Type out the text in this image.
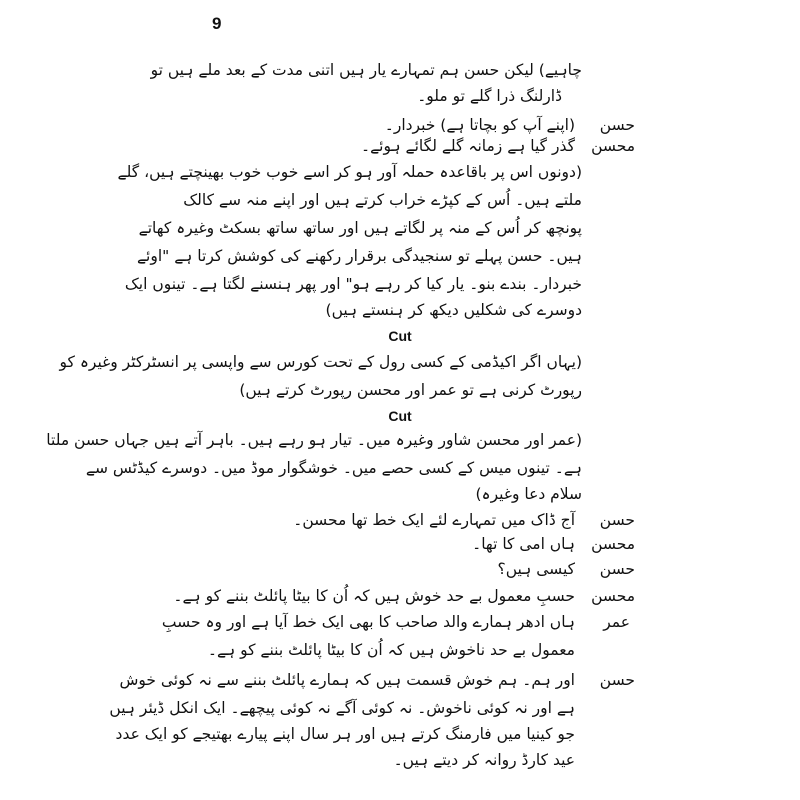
9
چاہیے) لیکن حسن ہم تمہارے یار ہیں اتنی مدت کے بعد ملے ہیں تو
ڈارلنگ ذرا گلے تو ملو۔
حسن
(اپنے آپ کو بچاتا ہے) خبردار۔
محسن
گذر گیا ہے زمانہ گلے لگائے ہوئے۔
(دونوں اس پر باقاعدہ حملہ آور ہو کر اسے خوب خوب بھینچتے ہیں، گلے
ملتے ہیں۔ اُس کے کپڑے خراب کرتے ہیں اور اپنے منہ سے کالک
پونچھ کر اُس کے منہ پر لگاتے ہیں اور ساتھ ساتھ بسکٹ وغیرہ کھاتے
ہیں۔ حسن پہلے تو سنجیدگی برقرار رکھنے کی کوشش کرتا ہے "اوئے
خبردار۔ بندے بنو۔ یار کیا کر رہے ہو" اور پھر ہنسنے لگتا ہے۔ تینوں ایک
دوسرے کی شکلیں دیکھ کر ہنستے ہیں)
Cut
(یہاں اگر اکیڈمی کے کسی رول کے تحت کورس سے واپسی پر انسٹرکٹر وغیرہ کو
رپورٹ کرنی ہے تو عمر اور محسن رپورٹ کرتے ہیں)
Cut
(عمر اور محسن شاور وغیرہ میں۔ تیار ہو رہے ہیں۔ باہر آتے ہیں جہاں حسن ملتا
ہے۔ تینوں میس کے کسی حصے میں۔ خوشگوار موڈ میں۔ دوسرے کیڈٹس سے
سلام دعا وغیرہ)
حسن
آج ڈاک میں تمہارے لئے ایک خط تھا محسن۔
محسن
ہاں امی کا تھا۔
حسن
کیسی ہیں؟
محسن
حسبِ معمول بے حد خوش ہیں کہ اُن کا بیٹا پائلٹ بننے کو ہے۔
عمر
ہاں ادھر ہمارے والد صاحب کا بھی ایک خط آیا ہے اور وہ حسبِ
معمول بے حد ناخوش ہیں کہ اُن کا بیٹا پائلٹ بننے کو ہے۔
حسن
اور ہم۔ ہم خوش قسمت ہیں کہ ہمارے پائلٹ بننے سے نہ کوئی خوش
ہے اور نہ کوئی ناخوش۔ نہ کوئی آگے نہ کوئی پیچھے۔ ایک انکل ڈیئر ہیں
جو کینیا میں فارمنگ کرتے ہیں اور ہر سال اپنے پیارے بھتیجے کو ایک عدد
عید کارڈ روانہ کر دیتے ہیں۔
